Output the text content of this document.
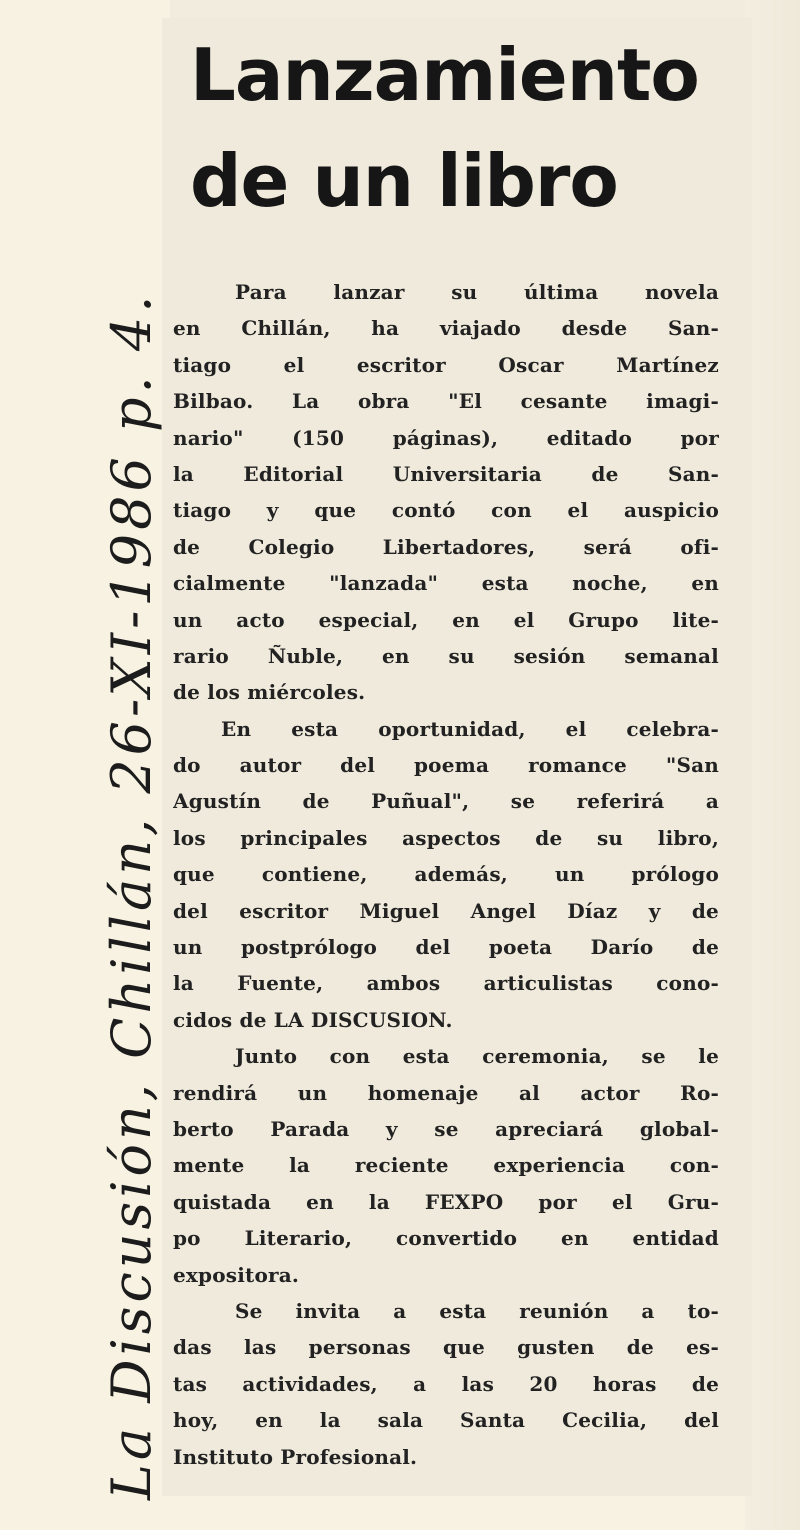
Lanzamiento
de un libro
Para lanzar su última novela
en Chillán, ha viajado desde San-
tiago el escritor Oscar Martínez
Bilbao. La obra "El cesante imagi-
nario" (150 páginas), editado por
la Editorial Universitaria de San-
tiago y que contó con el auspicio
de Colegio Libertadores, será ofi-
cialmente "lanzada" esta noche, en
un acto especial, en el Grupo lite-
rario Ñuble, en su sesión semanal
de los miércoles.
En esta oportunidad, el celebra-
do autor del poema romance "San
Agustín de Puñual", se referirá a
los principales aspectos de su libro,
que contiene, además, un prólogo
del escritor Miguel Angel Díaz y de
un postprólogo del poeta Darío de
la Fuente, ambos articulistas cono-
cidos de LA DISCUSION.
Junto con esta ceremonia, se le
rendirá un homenaje al actor Ro-
berto Parada y se apreciará global-
mente la reciente experiencia con-
quistada en la FEXPO por el Gru-
po Literario, convertido en entidad
expositora.
Se invita a esta reunión a to-
das las personas que gusten de es-
tas actividades, a las 20 horas de
hoy, en la sala Santa Cecilia, del
Instituto Profesional.
La Discusión, Chillán, 26-XI-1986 p. 4.
